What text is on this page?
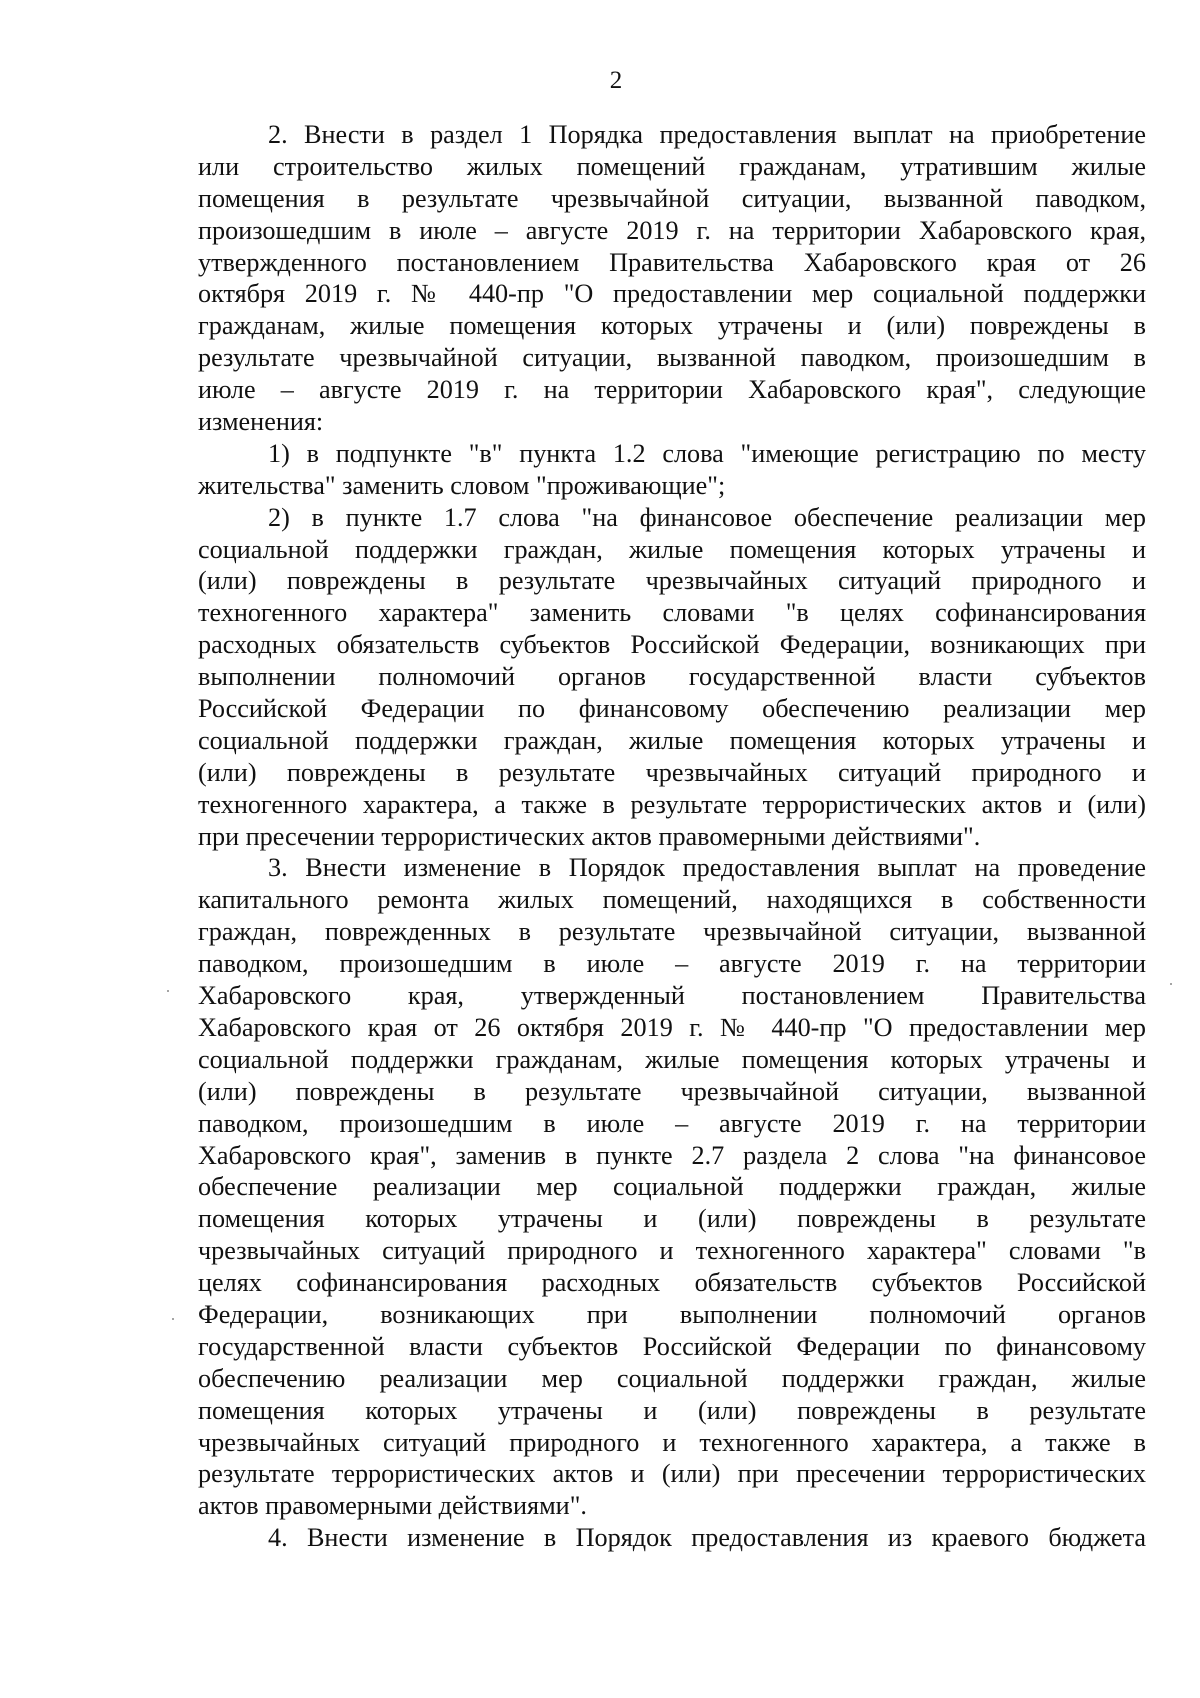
2
2. Внести в раздел 1 Порядка предоставления выплат на приобретение
или строительство жилых помещений гражданам, утратившим жилые
помещения в результате чрезвычайной ситуации, вызванной паводком,
произошедшим в июле – августе 2019 г. на территории Хабаровского края,
утвержденного постановлением Правительства Хабаровского края от 26
октября 2019 г. № 440-пр "О предоставлении мер социальной поддержки
гражданам, жилые помещения которых утрачены и (или) повреждены в
результате чрезвычайной ситуации, вызванной паводком, произошедшим в
июле – августе 2019 г. на территории Хабаровского края", следующие
изменения:
1) в подпункте "в" пункта 1.2 слова "имеющие регистрацию по месту
жительства" заменить словом "проживающие";
2) в пункте 1.7 слова "на финансовое обеспечение реализации мер
социальной поддержки граждан, жилые помещения которых утрачены и
(или) повреждены в результате чрезвычайных ситуаций природного и
техногенного характера" заменить словами "в целях софинансирования
расходных обязательств субъектов Российской Федерации, возникающих при
выполнении полномочий органов государственной власти субъектов
Российской Федерации по финансовому обеспечению реализации мер
социальной поддержки граждан, жилые помещения которых утрачены и
(или) повреждены в результате чрезвычайных ситуаций природного и
техногенного характера, а также в результате террористических актов и (или)
при пресечении террористических актов правомерными действиями".
3. Внести изменение в Порядок предоставления выплат на проведение
капитального ремонта жилых помещений, находящихся в собственности
граждан, поврежденных в результате чрезвычайной ситуации, вызванной
паводком, произошедшим в июле – августе 2019 г. на территории
Хабаровского края, утвержденный постановлением Правительства
Хабаровского края от 26 октября 2019 г. № 440-пр "О предоставлении мер
социальной поддержки гражданам, жилые помещения которых утрачены и
(или) повреждены в результате чрезвычайной ситуации, вызванной
паводком, произошедшим в июле – августе 2019 г. на территории
Хабаровского края", заменив в пункте 2.7 раздела 2 слова "на финансовое
обеспечение реализации мер социальной поддержки граждан, жилые
помещения которых утрачены и (или) повреждены в результате
чрезвычайных ситуаций природного и техногенного характера" словами "в
целях софинансирования расходных обязательств субъектов Российской
Федерации, возникающих при выполнении полномочий органов
государственной власти субъектов Российской Федерации по финансовому
обеспечению реализации мер социальной поддержки граждан, жилые
помещения которых утрачены и (или) повреждены в результате
чрезвычайных ситуаций природного и техногенного характера, а также в
результате террористических актов и (или) при пресечении террористических
актов правомерными действиями".
4. Внести изменение в Порядок предоставления из краевого бюджета
